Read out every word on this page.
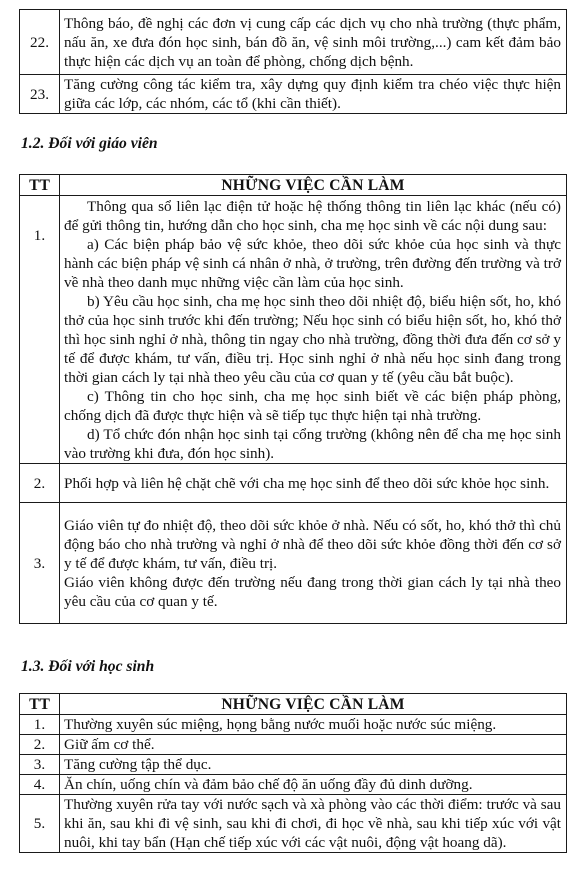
22.	Thông báo, đề nghị các đơn vị cung cấp các dịch vụ cho nhà trường (thực phẩm, nấu ăn, xe đưa đón học sinh, bán đồ ăn, vệ sinh môi trường,...) cam kết đảm bảo thực hiện các dịch vụ an toàn để phòng, chống dịch bệnh.
23.	Tăng cường công tác kiểm tra, xây dựng quy định kiểm tra chéo việc thực hiện giữa các lớp, các nhóm, các tổ (khi cần thiết).
1.2. Đối với giáo viên
TT	NHỮNG VIỆC CẦN LÀM
1.	Thông qua sổ liên lạc điện tử hoặc hệ thống thông tin liên lạc khác (nếu có) để gửi thông tin, hướng dẫn cho học sinh, cha mẹ học sinh về các nội dung sau:

a) Các biện pháp bảo vệ sức khỏe, theo dõi sức khỏe của học sinh và thực hành các biện pháp vệ sinh cá nhân ở nhà, ở trường, trên đường đến trường và trở về nhà theo danh mục những việc cần làm của học sinh.

b) Yêu cầu học sinh, cha mẹ học sinh theo dõi nhiệt độ, biểu hiện sốt, ho, khó thở của học sinh trước khi đến trường; Nếu học sinh có biểu hiện sốt, ho, khó thở thì học sinh nghỉ ở nhà, thông tin ngay cho nhà trường, đồng thời đưa đến cơ sở y tế để được khám, tư vấn, điều trị. Học sinh nghỉ ở nhà nếu học sinh đang trong thời gian cách ly tại nhà theo yêu cầu của cơ quan y tế (yêu cầu bắt buộc).

c) Thông tin cho học sinh, cha mẹ học sinh biết về các biện pháp phòng, chống dịch đã được thực hiện và sẽ tiếp tục thực hiện tại nhà trường.

d) Tổ chức đón nhận học sinh tại cổng trường (không nên để cha mẹ học sinh vào trường khi đưa, đón học sinh).

2.	Phối hợp và liên hệ chặt chẽ với cha mẹ học sinh để theo dõi sức khỏe học sinh.
3.	Giáo viên tự đo nhiệt độ, theo dõi sức khỏe ở nhà. Nếu có sốt, ho, khó thở thì chủ động báo cho nhà trường và nghỉ ở nhà để theo dõi sức khỏe đồng thời đến cơ sở y tế để được khám, tư vấn, điều trị.

Giáo viên không được đến trường nếu đang trong thời gian cách ly tại nhà theo yêu cầu của cơ quan y tế.

1.3. Đối với học sinh
TT	NHỮNG VIỆC CẦN LÀM
1.	Thường xuyên súc miệng, họng bằng nước muối hoặc nước súc miệng.
2.	Giữ ấm cơ thể.
3.	Tăng cường tập thể dục.
4.	Ăn chín, uống chín và đảm bảo chế độ ăn uống đầy đủ dinh dưỡng.
5.	Thường xuyên rửa tay với nước sạch và xà phòng vào các thời điểm: trước và sau khi ăn, sau khi đi vệ sinh, sau khi đi chơi, đi học về nhà, sau khi tiếp xúc với vật nuôi, khi tay bẩn (Hạn chế tiếp xúc với các vật nuôi, động vật hoang dã).
